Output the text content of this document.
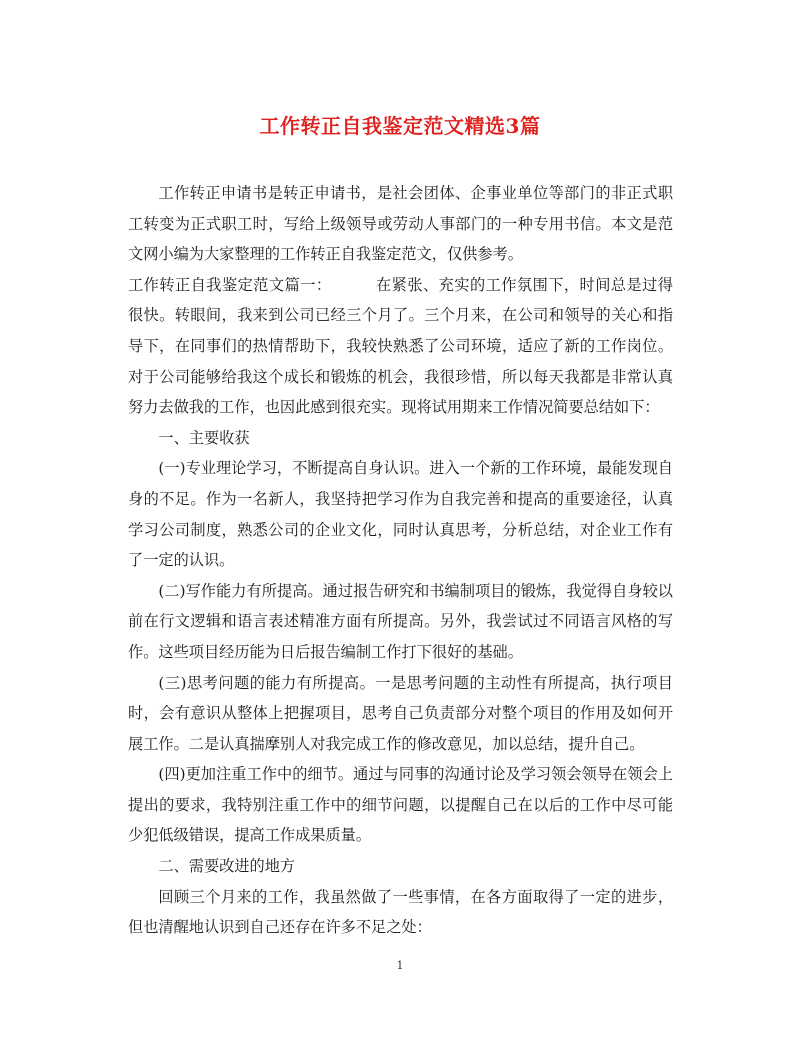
工作转正自我鉴定范文精选3篇

工作转正申请书是转正申请书，是社会团体、企事业单位等部门的非正式职工转变为正式职工时，写给上级领导或劳动人事部门的一种专用书信。本文是范文网小编为大家整理的工作转正自我鉴定范文，仅供参考。

工作转正自我鉴定范文篇一：	在紧张、充实的工作氛围下，时间总是过得很快。转眼间，我来到公司已经三个月了。三个月来，在公司和领导的关心和指导下，在同事们的热情帮助下，我较快熟悉了公司环境，适应了新的工作岗位。对于公司能够给我这个成长和锻炼的机会，我很珍惜，所以每天我都是非常认真努力去做我的工作，也因此感到很充实。现将试用期来工作情况简要总结如下：

一、主要收获

(一)专业理论学习，不断提高自身认识。进入一个新的工作环境，最能发现自身的不足。作为一名新人，我坚持把学习作为自我完善和提高的重要途径，认真学习公司制度，熟悉公司的企业文化，同时认真思考，分析总结，对企业工作有了一定的认识。

(二)写作能力有所提高。通过报告研究和书编制项目的锻炼，我觉得自身较以前在行文逻辑和语言表述精准方面有所提高。另外，我尝试过不同语言风格的写作。这些项目经历能为日后报告编制工作打下很好的基础。

(三)思考问题的能力有所提高。一是思考问题的主动性有所提高，执行项目时，会有意识从整体上把握项目，思考自己负责部分对整个项目的作用及如何开展工作。二是认真揣摩别人对我完成工作的修改意见，加以总结，提升自己。

(四)更加注重工作中的细节。通过与同事的沟通讨论及学习领会领导在领会上提出的要求，我特别注重工作中的细节问题，以提醒自己在以后的工作中尽可能少犯低级错误，提高工作成果质量。

二、需要改进的地方

回顾三个月来的工作，我虽然做了一些事情，在各方面取得了一定的进步，但也清醒地认识到自己还存在许多不足之处：

1
